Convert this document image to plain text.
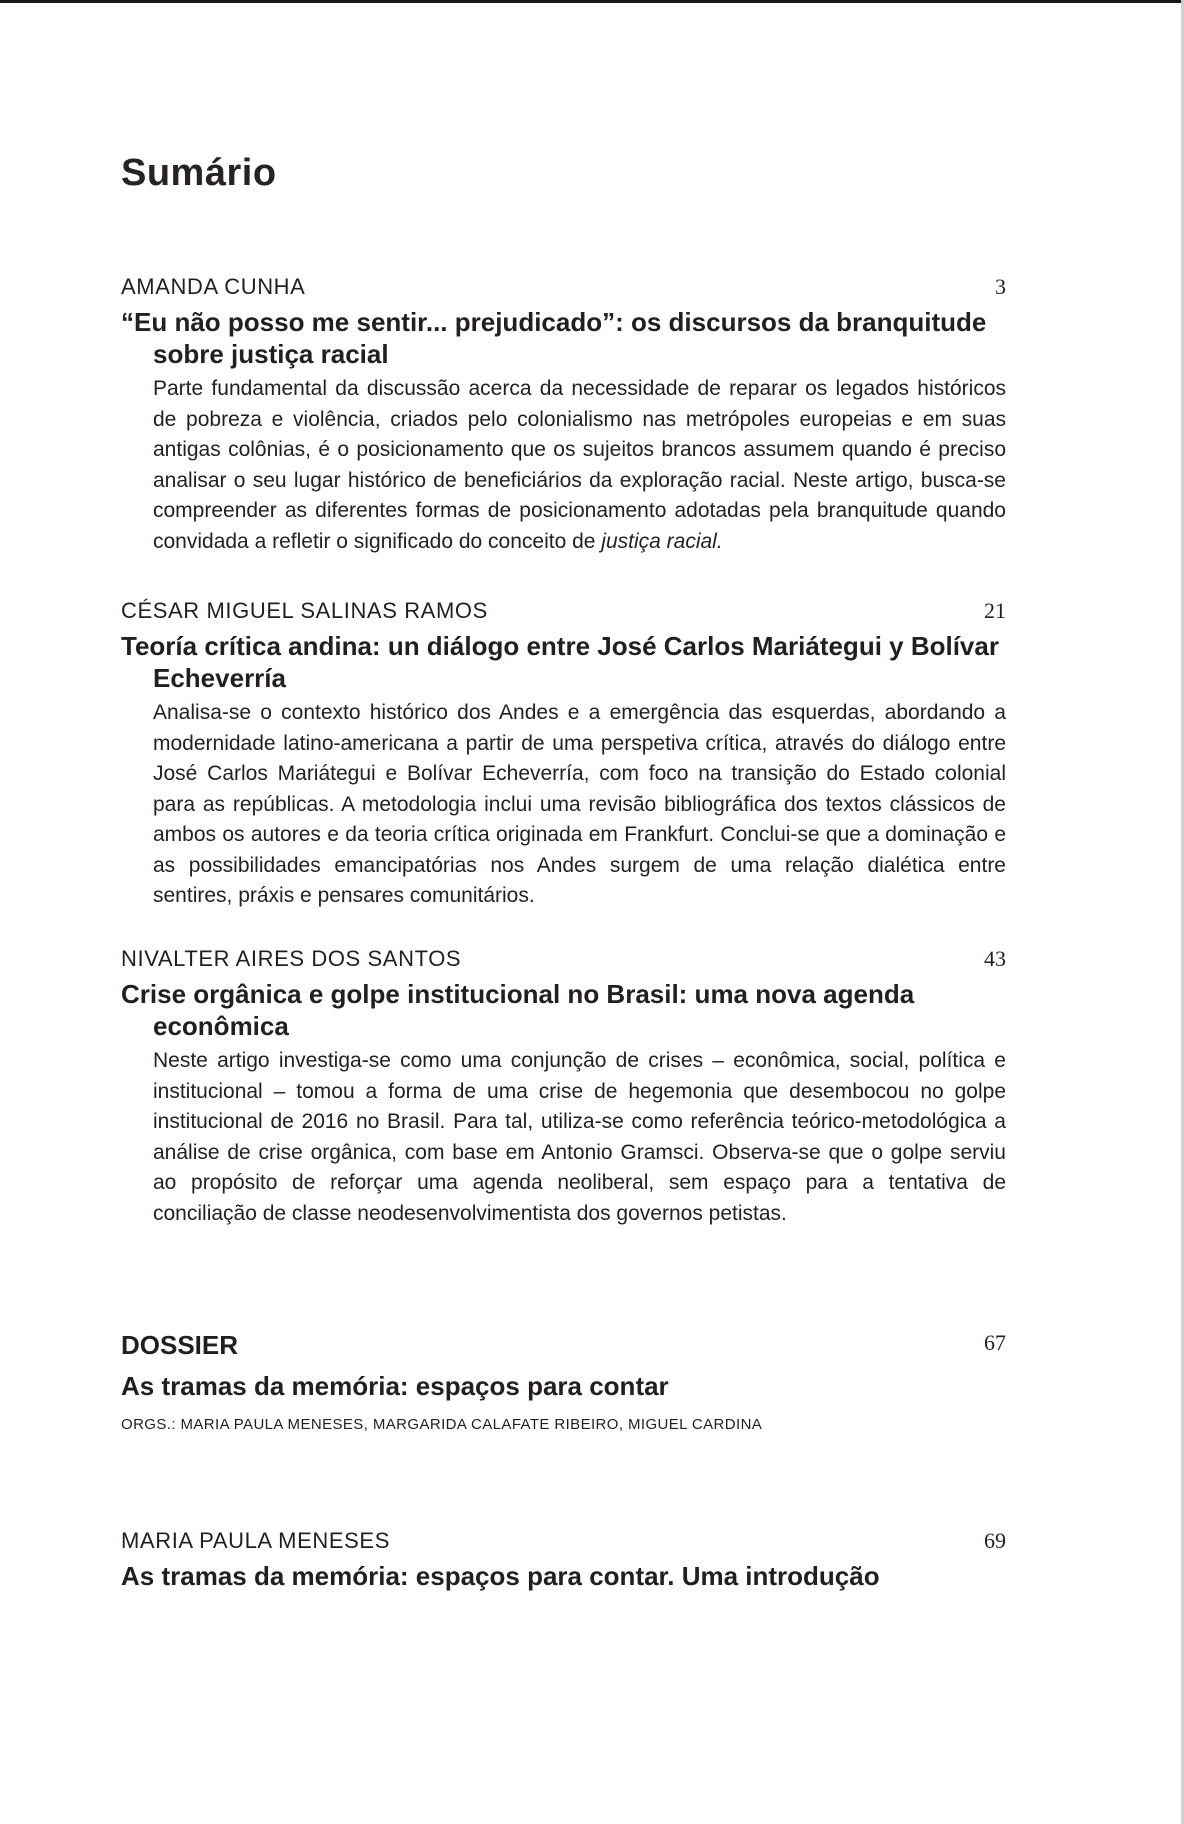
Sumário
AMANDA CUNHA	3

“Eu não posso me sentir... prejudicado”: os discursos da branquitude sobre justiça racial

Parte fundamental da discussão acerca da necessidade de reparar os legados históricos de pobreza e violência, criados pelo colonialismo nas metrópoles europeias e em suas antigas colônias, é o posicionamento que os sujeitos brancos assumem quando é preciso analisar o seu lugar histórico de beneficiários da exploração racial. Neste artigo, busca-se compreender as diferentes formas de posicionamento adotadas pela branquitude quando convidada a refletir o significado do conceito de justiça racial.

CÉSAR MIGUEL SALINAS RAMOS	21

Teoría crítica andina: un diálogo entre José Carlos Mariátegui y Bolívar Echeverría

Analisa-se o contexto histórico dos Andes e a emergência das esquerdas, abordando a modernidade latino-americana a partir de uma perspetiva crítica, através do diálogo entre José Carlos Mariátegui e Bolívar Echeverría, com foco na transição do Estado colonial para as repúblicas. A metodologia inclui uma revisão bibliográfica dos textos clássicos de ambos os autores e da teoria crítica originada em Frankfurt. Conclui-se que a dominação e as possibilidades emancipatórias nos Andes surgem de uma relação dialética entre sentires, práxis e pensares comunitários.

NIVALTER AIRES DOS SANTOS	43

Crise orgânica e golpe institucional no Brasil: uma nova agenda econômica

Neste artigo investiga-se como uma conjunção de crises – econômica, social, política e institucional – tomou a forma de uma crise de hegemonia que desembocou no golpe institucional de 2016 no Brasil. Para tal, utiliza-se como referência teórico-metodológica a análise de crise orgânica, com base em Antonio Gramsci. Observa-se que o golpe serviu ao propósito de reforçar uma agenda neoliberal, sem espaço para a tentativa de conciliação de classe neodesenvolvimentista dos governos petistas.

DOSSIER	67

As tramas da memória: espaços para contar

ORGS.: MARIA PAULA MENESES, MARGARIDA CALAFATE RIBEIRO, MIGUEL CARDINA

MARIA PAULA MENESES	69

As tramas da memória: espaços para contar. Uma introdução
